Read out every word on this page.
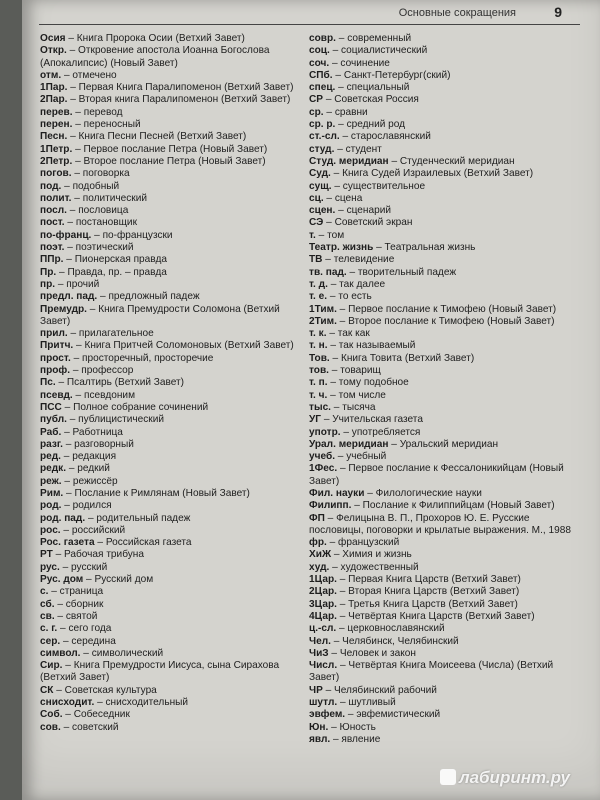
Основные сокращения	9

Осия – Книга Пророка Осии (Ветхий Завет)

Откр. – Откровение апостола Иоанна Богослова (Апокалипсис) (Новый Завет)

отм. – отмечено

1Пар. – Первая Книга Паралипоменон (Ветхий Завет)

2Пар. – Вторая книга Паралипоменон (Ветхий Завет)

перев. – перевод

перен. – переносный

Песн. – Книга Песни Песней (Ветхий Завет)

1Петр. – Первое послание Петра (Новый Завет)

2Петр. – Второе послание Петра (Новый Завет)

погов. – поговорка

под. – подобный

полит. – политический

посл. – пословица

пост. – постановщик

по-франц. – по-французски

поэт. – поэтический

ППр. – Пионерская правда

Пр. – Правда, пр. – правда

пр. – прочий

предл. пад. – предложный падеж

Премудр. – Книга Премудрости Соломона (Ветхий Завет)

прил. – прилагательное

Притч. – Книга Притчей Соломоновых (Ветхий Завет)

прост. – просторечный, просторечие

проф. – профессор

Пс. – Псалтирь (Ветхий Завет)

псевд. – псевдоним

ПСС – Полное собрание сочинений

публ. – публицистический

Раб. – Работница

разг. – разговорный

ред. – редакция

редк. – редкий

реж. – режиссёр

Рим. – Послание к Римлянам (Новый Завет)

род. – родился

род. пад. – родительный падеж

рос. – российский

Рос. газета – Российская газета

РТ – Рабочая трибуна

рус. – русский

Рус. дом – Русский дом

с. – страница

сб. – сборник

св. – святой

с. г. – сего года

сер. – середина

символ. – символический

Сир. – Книга Премудрости Иисуса, сына Сирахова (Ветхий Завет)

СК – Советская культура

снисходит. – снисходительный

Соб. – Собеседник

сов. – советский

совр. – современный

соц. – социалистический

соч. – сочинение

СПб. – Санкт-Петербург(ский)

спец. – специальный

СР – Советская Россия

ср. – сравни

ср. р. – средний род

ст.-сл. – старославянский

студ. – студент

Студ. меридиан – Студенческий меридиан

Суд. – Книга Судей Израилевых (Ветхий Завет)

сущ. – существительное

сц. – сцена

сцен. – сценарий

СЭ – Советский экран

т. – том

Театр. жизнь – Театральная жизнь

ТВ – телевидение

тв. пад. – творительный падеж

т. д. – так далее

т. е. – то есть

1Тим. – Первое послание к Тимофею (Новый Завет)

2Тим. – Второе послание к Тимофею (Новый Завет)

т. к. – так как

т. н. – так называемый

Тов. – Книга Товита (Ветхий Завет)

тов. – товарищ

т. п. – тому подобное

т. ч. – том числе

тыс. – тысяча

УГ – Учительская газета

употр. – употребляется

Урал. меридиан – Уральский меридиан

учеб. – учебный

1Фес. – Первое послание к Фессалоникийцам (Новый Завет)

Фил. науки – Филологические науки

Филипп. – Послание к Филиппийцам (Новый Завет)

ФП – Фелицына В. П., Прохоров Ю. Е. Русские пословицы, поговорки и крылатые выражения. М., 1988

фр. – французский

ХиЖ – Химия и жизнь

худ. – художественный

1Цар. – Первая Книга Царств (Ветхий Завет)

2Цар. – Вторая Книга Царств (Ветхий Завет)

3Цар. – Третья Книга Царств (Ветхий Завет)

4Цар. – Четвёртая Книга Царств (Ветхий Завет)

ц.-сл. – церковнославянский

Чел. – Челябинск, Челябинский

ЧиЗ – Человек и закон

Числ. – Четвёртая Книга Моисеева (Числа) (Ветхий Завет)

ЧР – Челябинский рабочий

шутл. – шутливый

эвфем. – эвфемистический

Юн. – Юность

явл. – явление

лабиринт.ру
